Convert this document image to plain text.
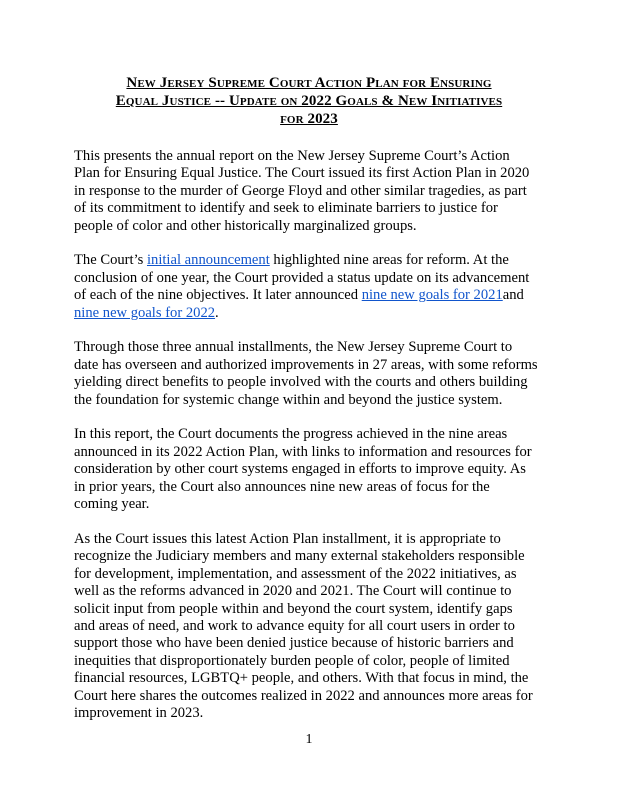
New Jersey Supreme Court Action Plan for Ensuring
Equal Justice -- Update on 2022 Goals & New Initiatives
for 2023

This presents the annual report on the New Jersey Supreme Court’s Action
Plan for Ensuring Equal Justice. The Court issued its first Action Plan in 2020
in response to the murder of George Floyd and other similar tragedies, as part
of its commitment to identify and seek to eliminate barriers to justice for
people of color and other historically marginalized groups.

The Court’s initial announcement highlighted nine areas for reform. At the
conclusion of one year, the Court provided a status update on its advancement
of each of the nine objectives. It later announced nine new goals for 2021and
nine new goals for 2022.

Through those three annual installments, the New Jersey Supreme Court to
date has overseen and authorized improvements in 27 areas, with some reforms
yielding direct benefits to people involved with the courts and others building
the foundation for systemic change within and beyond the justice system.

In this report, the Court documents the progress achieved in the nine areas
announced in its 2022 Action Plan, with links to information and resources for
consideration by other court systems engaged in efforts to improve equity. As
in prior years, the Court also announces nine new areas of focus for the
coming year.

As the Court issues this latest Action Plan installment, it is appropriate to
recognize the Judiciary members and many external stakeholders responsible
for development, implementation, and assessment of the 2022 initiatives, as
well as the reforms advanced in 2020 and 2021. The Court will continue to
solicit input from people within and beyond the court system, identify gaps
and areas of need, and work to advance equity for all court users in order to
support those who have been denied justice because of historic barriers and
inequities that disproportionately burden people of color, people of limited
financial resources, LGBTQ+ people, and others. With that focus in mind, the
Court here shares the outcomes realized in 2022 and announces more areas for
improvement in 2023.

1
